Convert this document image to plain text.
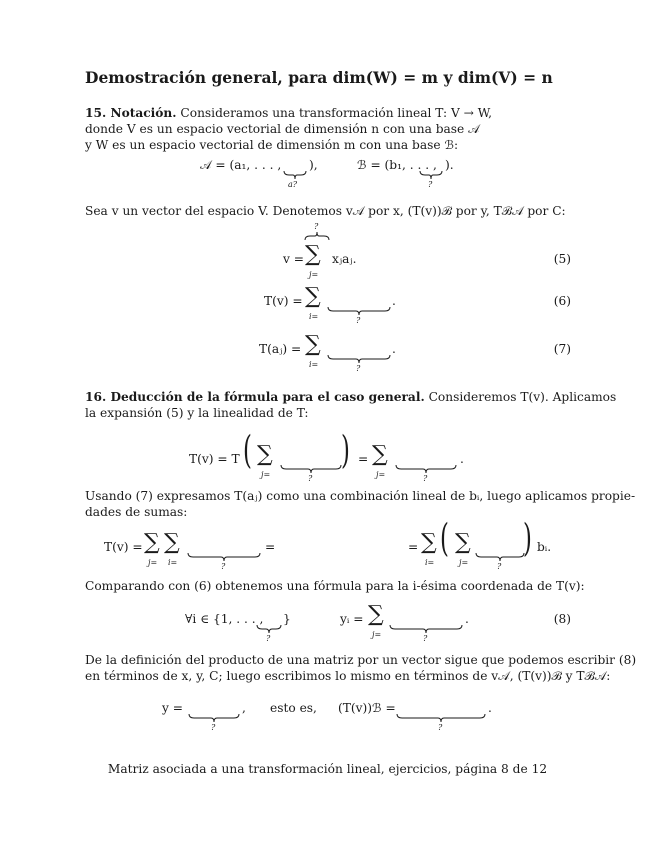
Demostración general, para dim(W) = m y dim(V) = n
15. Notación. Consideramos una transformación lineal T: V → W,
donde V es un espacio vectorial de dimensión n con una base 𝒜
y W es un espacio vectorial de dimensión m con una base ℬ:
𝒜 = (a₁, . . . ,
a?
),	ℬ = (b₁, . . . ,
?
).
Sea v un vector del espacio V. Denotemos v𝒜 por x, (T(v))ℬ por y, Tℬ𝒜 por C:
?
v = ∑
j=
xⱼaⱼ.	(5)
T(v) = ∑
i=	?
.	(6)
T(aⱼ) = ∑
i=	?
.	(7)
16. Deducción de la fórmula para el caso general. Consideremos T(v). Aplicamos
la expansión (5) y la linealidad de T:
T(v) = T ( ∑
j=	?
) = ∑
j=	?
.
Usando (7) expresamos T(aⱼ) como una combinación lineal de bᵢ, luego aplicamos propie-
dades de sumas:
T(v) = ∑
j=
∑
i=	?
=	= ∑
i=
( ∑
j=	?
) bᵢ.
Comparando con (6) obtenemos una fórmula para la i-ésima coordenada de T(v):
∀i ∈ {1, . . . ,
?
}	yᵢ = ∑
j=	?
.	(8)
De la definición del producto de una matriz por un vector sigue que podemos escribir (8)
en términos de x, y, C; luego escribimos lo mismo en términos de v𝒜, (T(v))ℬ y Tℬ𝒜:
y =
?
, esto es, (T(v))ℬ =
?
.
Matriz asociada a una transformación lineal, ejercicios, página 8 de 12
